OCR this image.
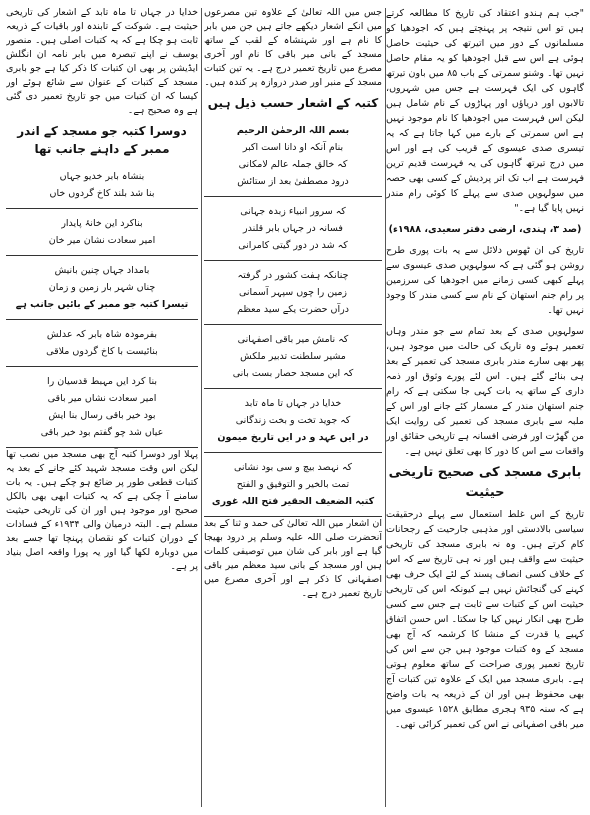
"جب ہم ہندو اعتقاد کی تاریخ کا مطالعہ کرتے ہیں تو اس نتیجہ پر پہنچتے ہیں کہ اجودھیا کو مسلمانوں کے دور میں اتیرتھ کی حیثیت حاصل ہوئی ہے اس سے قبل اجودھیا کو یہ مقام حاصل نہیں تھا۔ وشنو سمرتی کے باب ۸۵ میں باون تیرتھ گاہوں کی ایک فہرست ہے جس میں شہروں، تالابوں اور دریاؤں اور پہاڑوں کے نام شامل ہیں لیکن اس فہرست میں اجودھیا کا نام موجود نہیں ہے اس سمرتی کے بارے میں کہا جاتا ہے کہ یہ تیسری صدی عیسوی کے قریب کی ہے اور اس میں درج تیرتھ گاہوں کی یہ فہرست قدیم ترین فہرست ہے اب تک اتر پردیش کے کسی بھی حصہ میں سولہویں صدی سے پہلے کا کوئی رام مندر نہیں پایا گیا ہے۔"

(صد ۳، ہندی، ارضی دفتر سعیدی، ۱۹۸۸ء)

تاریخ کی ان ٹھوس دلائل سے یہ بات پوری طرح روشن ہو گئی ہے کہ سولہویں صدی عیسوی سے پہلے کبھی کسی زمانے میں اجودھیا کی سرزمین پر رام جنم استھان کے نام سے کسی مندر کا وجود نہیں تھا۔

سولہویں صدی کے بعد تمام سے جو مندر وہاں تعمیر ہوئے وہ تاریک کی حالت میں موجود ہیں، پھر بھی سارے مندر بابری مسجد کی تعمیر کے بعد ہی بنائے گئے ہیں۔ اس لئے پورے وثوق اور ذمہ داری کے ساتھ یہ بات کہی جا سکتی ہے کہ رام جنم استھان مندر کے مسمار کئے جانے اور اس کے ملبہ سے بابری مسجد کی تعمیر کی روایت ایک من گھڑت اور فرضی افسانہ ہے تاریخی حقائق اور واقعات سے اس کا دور کا بھی تعلق نہیں ہے۔

بابری مسجد کی صحیح تاریخی حیثیت

تاریخ کے اس غلط استعمال سے پہلے درحقیقت سیاسی بالادستی اور مذہبی جارحیت کے رجحانات کام کرتے ہیں۔ وہ نہ بابری مسجد کی تاریخی حیثیت سے واقف ہیں اور نہ ہی تاریخ سے کہ اس کے خلاف کسی انصاف پسند کے لئے ایک حرف بھی کہنے کی گنجائش نہیں ہے کیونکہ اس کی تاریخی حیثیت اس کے کتبات سے ثابت ہے جس سے کسی طرح بھی انکار نہیں کیا جا سکتا۔ اس حسن اتفاق کہیے یا قدرت کے منشا کا کرشمہ کہ آج بھی مسجد کے وہ کتبات موجود ہیں جن سے اس کی تاریخ تعمیر پوری صراحت کے ساتھ معلوم ہوتی ہے۔ بابری مسجد میں ایک کے علاوہ تین کتبات آج بھی محفوظ ہیں اور ان کے ذریعہ یہ بات واضح ہے کہ سنہ ۹۳۵ ہجری مطابق ۱۵۲۸ عیسوی میں میر باقی اصفہانی نے اس کی تعمیر کرائی تھی۔

جس میں اللہ تعالیٰ کے علاوہ تین مصرعوں میں انکے اشعار دیکھے جاتے ہیں جن میں بابر کا نام ہے اور شہنشاہ کے لقب کے ساتھ مسجد کے بانی میر باقی کا نام اور آخری مصرع میں تاریخ تعمیر درج ہے۔ یہ تین کتبات مسجد کے منبر اور صدر دروازہ پر کندہ ہیں۔

کتبہ کے اشعار حسب ذیل ہیں

بسم اللہ الرحمٰن الرحیم

بنام آنکہ او دانا است اکبر

کہ خالق جملہ عالم لامکانی

درود مصطفیٰ بعد از ستائش

کہ سرور انبیاء زبدہ جہانی

فسانہ در جہاں بابر قلندر

کہ شد در دور گیتی کامرانی

چنانکہ ہفت کشور در گرفتہ

زمین را چوں سپہر آسمانی

درآں حضرت یکے سید معظم

کہ نامش میر باقی اصفہانی

مشیر سلطنت تدبیر ملکش

کہ این مسجد حصار بست بانی

خدایا در جہاں تا ماہ تابد

کہ جوید تخت و بخت زندگانی

در ایں عہد و در ایں تاریخ میمون

کہ نہصد بیچ و سی بود نشانی

تمت بالخیر و التوفیق و الفتح

کتبہ الضعیف الحقیر فتح اللہ غوری

ان اشعار میں اللہ تعالیٰ کی حمد و ثنا کے بعد آنحضرت صلی اللہ علیہ وسلم پر درود بھیجا گیا ہے اور بابر کی شان میں توصیفی کلمات ہیں اور مسجد کے بانی سید معظم میر باقی اصفہانی کا ذکر ہے اور آخری مصرع میں تاریخ تعمیر درج ہے۔

خدایا در جہاں تا ماہ تابد کے اشعار کی تاریخی حیثیت ہے۔ شوکت کے تابندہ اور باقیات کے ذریعہ ثابت ہو چکا ہے کہ یہ کتبات اصلی ہیں۔ منصور یوسف نے اپنے تبصرہ میں بابر نامہ ان انگلش ایڈیشن پر بھی ان کتبات کا ذکر کیا ہے جو بابری مسجد کے کتبات کے عنوان سے شائع ہوئے اور کیسا کہ ان کتبات میں جو تاریخ تعمیر دی گئی ہے وہ صحیح ہے۔

دوسرا کتبہ جو مسجد کے اندر ممبر کے داہنے جانب تھا

بنشاہ بابر خدیو جہاں

بنا شد بلند کاخ گردوں خاں

بناکرد این خانۂ پایدار

امیر سعادت نشان میر خان

بامداد جہاں چنین بانیش

چناں شہر بار زمین و زمان

تیسرا کتبہ جو ممبر کے بائیں جانب ہے

بفرمودہ شاہ بابر کہ عدلش

بنائیست با کاخ گردوں ملاقی

بنا کرد ایں مہبط قدسیان را

امیر سعادت نشاں میر باقی

بود خیر باقی رسال بنا ایش

عیاں شد چو گفتم بود خیر باقی

پہلا اور دوسرا کتبہ آج بھی مسجد میں نصب تھا لیکن اس وقت مسجد شہید کئے جانے کے بعد یہ کتبات قطعی طور پر ضائع ہو چکے ہیں۔ یہ بات سامنے آ چکی ہے کہ یہ کتبات ابھی بھی بالکل صحیح اور موجود ہیں اور ان کی تاریخی حیثیت مسلم ہے۔ البتہ درمیان والی ۱۹۳۴ء کے فسادات کے دوران کتبات کو نقصان پہنچا تھا جسے بعد میں دوبارہ لکھا گیا اور یہ پورا واقعہ اصل بنیاد پر ہے۔
